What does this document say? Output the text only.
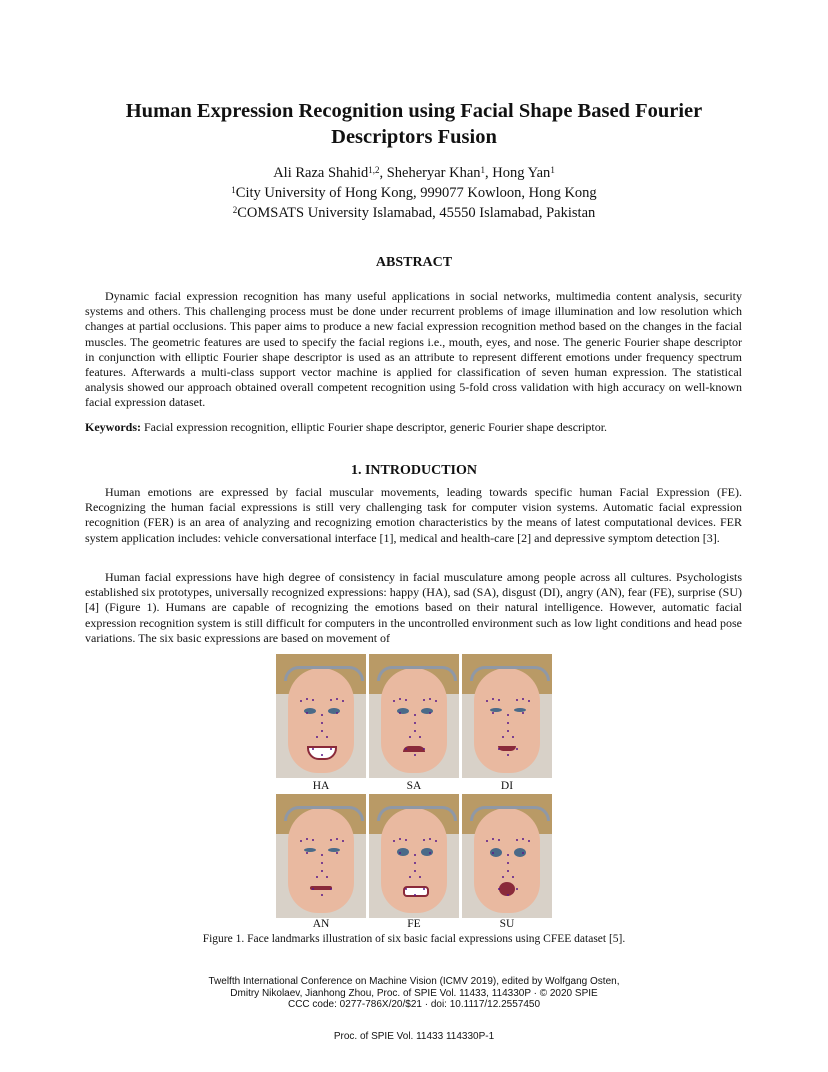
Human Expression Recognition using Facial Shape Based Fourier
Descriptors Fusion
Ali Raza Shahid$^{1,2}$, Sheheryar Khan$^1$, Hong Yan$^1$
$^1$City University of Hong Kong, 999077 Kowloon, Hong Kong
$^2$COMSATS University Islamabad, 45550 Islamabad, Pakistan
ABSTRACT

Dynamic facial expression recognition has many useful applications in social networks, multimedia content analysis, security systems and others. This challenging process must be done under recurrent problems of image illumination and low resolution which changes at partial occlusions. This paper aims to produce a new facial expression recognition method based on the changes in the facial muscles. The geometric features are used to specify the facial regions i.e., mouth, eyes, and nose. The generic Fourier shape descriptor in conjunction with elliptic Fourier shape descriptor is used as an attribute to represent different emotions under frequency spectrum features. Afterwards a multi-class support vector machine is applied for classification of seven human expression. The statistical analysis showed our approach obtained overall competent recognition using 5-fold cross validation with high accuracy on well-known facial expression dataset.

Keywords: Facial expression recognition, elliptic Fourier shape descriptor, generic Fourier shape descriptor.
1. INTRODUCTION

Human emotions are expressed by facial muscular movements, leading towards specific human Facial Expression (FE). Recognizing the human facial expressions is still very challenging task for computer vision systems. Automatic facial expression recognition (FER) is an area of analyzing and recognizing emotion characteristics by the means of latest computational devices. FER system application includes: vehicle conversational interface [1], medical and health-care [2] and depressive symptom detection [3].

Human facial expressions have high degree of consistency in facial musculature among people across all cultures. Psychologists established six prototypes, universally recognized expressions: happy (HA), sad (SA), disgust (DI), angry (AN), fear (FE), surprise (SU) [4] (Figure 1). Humans are capable of recognizing the emotions based on their natural intelligence. However, automatic facial expression recognition system is still difficult for computers in the uncontrolled environment such as low light conditions and head pose variations. The six basic expressions are based on movement of

HA	SA	DI
AN	FE	SU
Figure 1. Face landmarks illustration of six basic facial expressions using CFEE dataset [5].
Twelfth International Conference on Machine Vision (ICMV 2019), edited by Wolfgang Osten,
Dmitry Nikolaev, Jianhong Zhou, Proc. of SPIE Vol. 11433, 114330P · © 2020 SPIE
CCC code: 0277-786X/20/$21 · doi: 10.1117/12.2557450
Proc. of SPIE Vol. 11433 114330P-1
